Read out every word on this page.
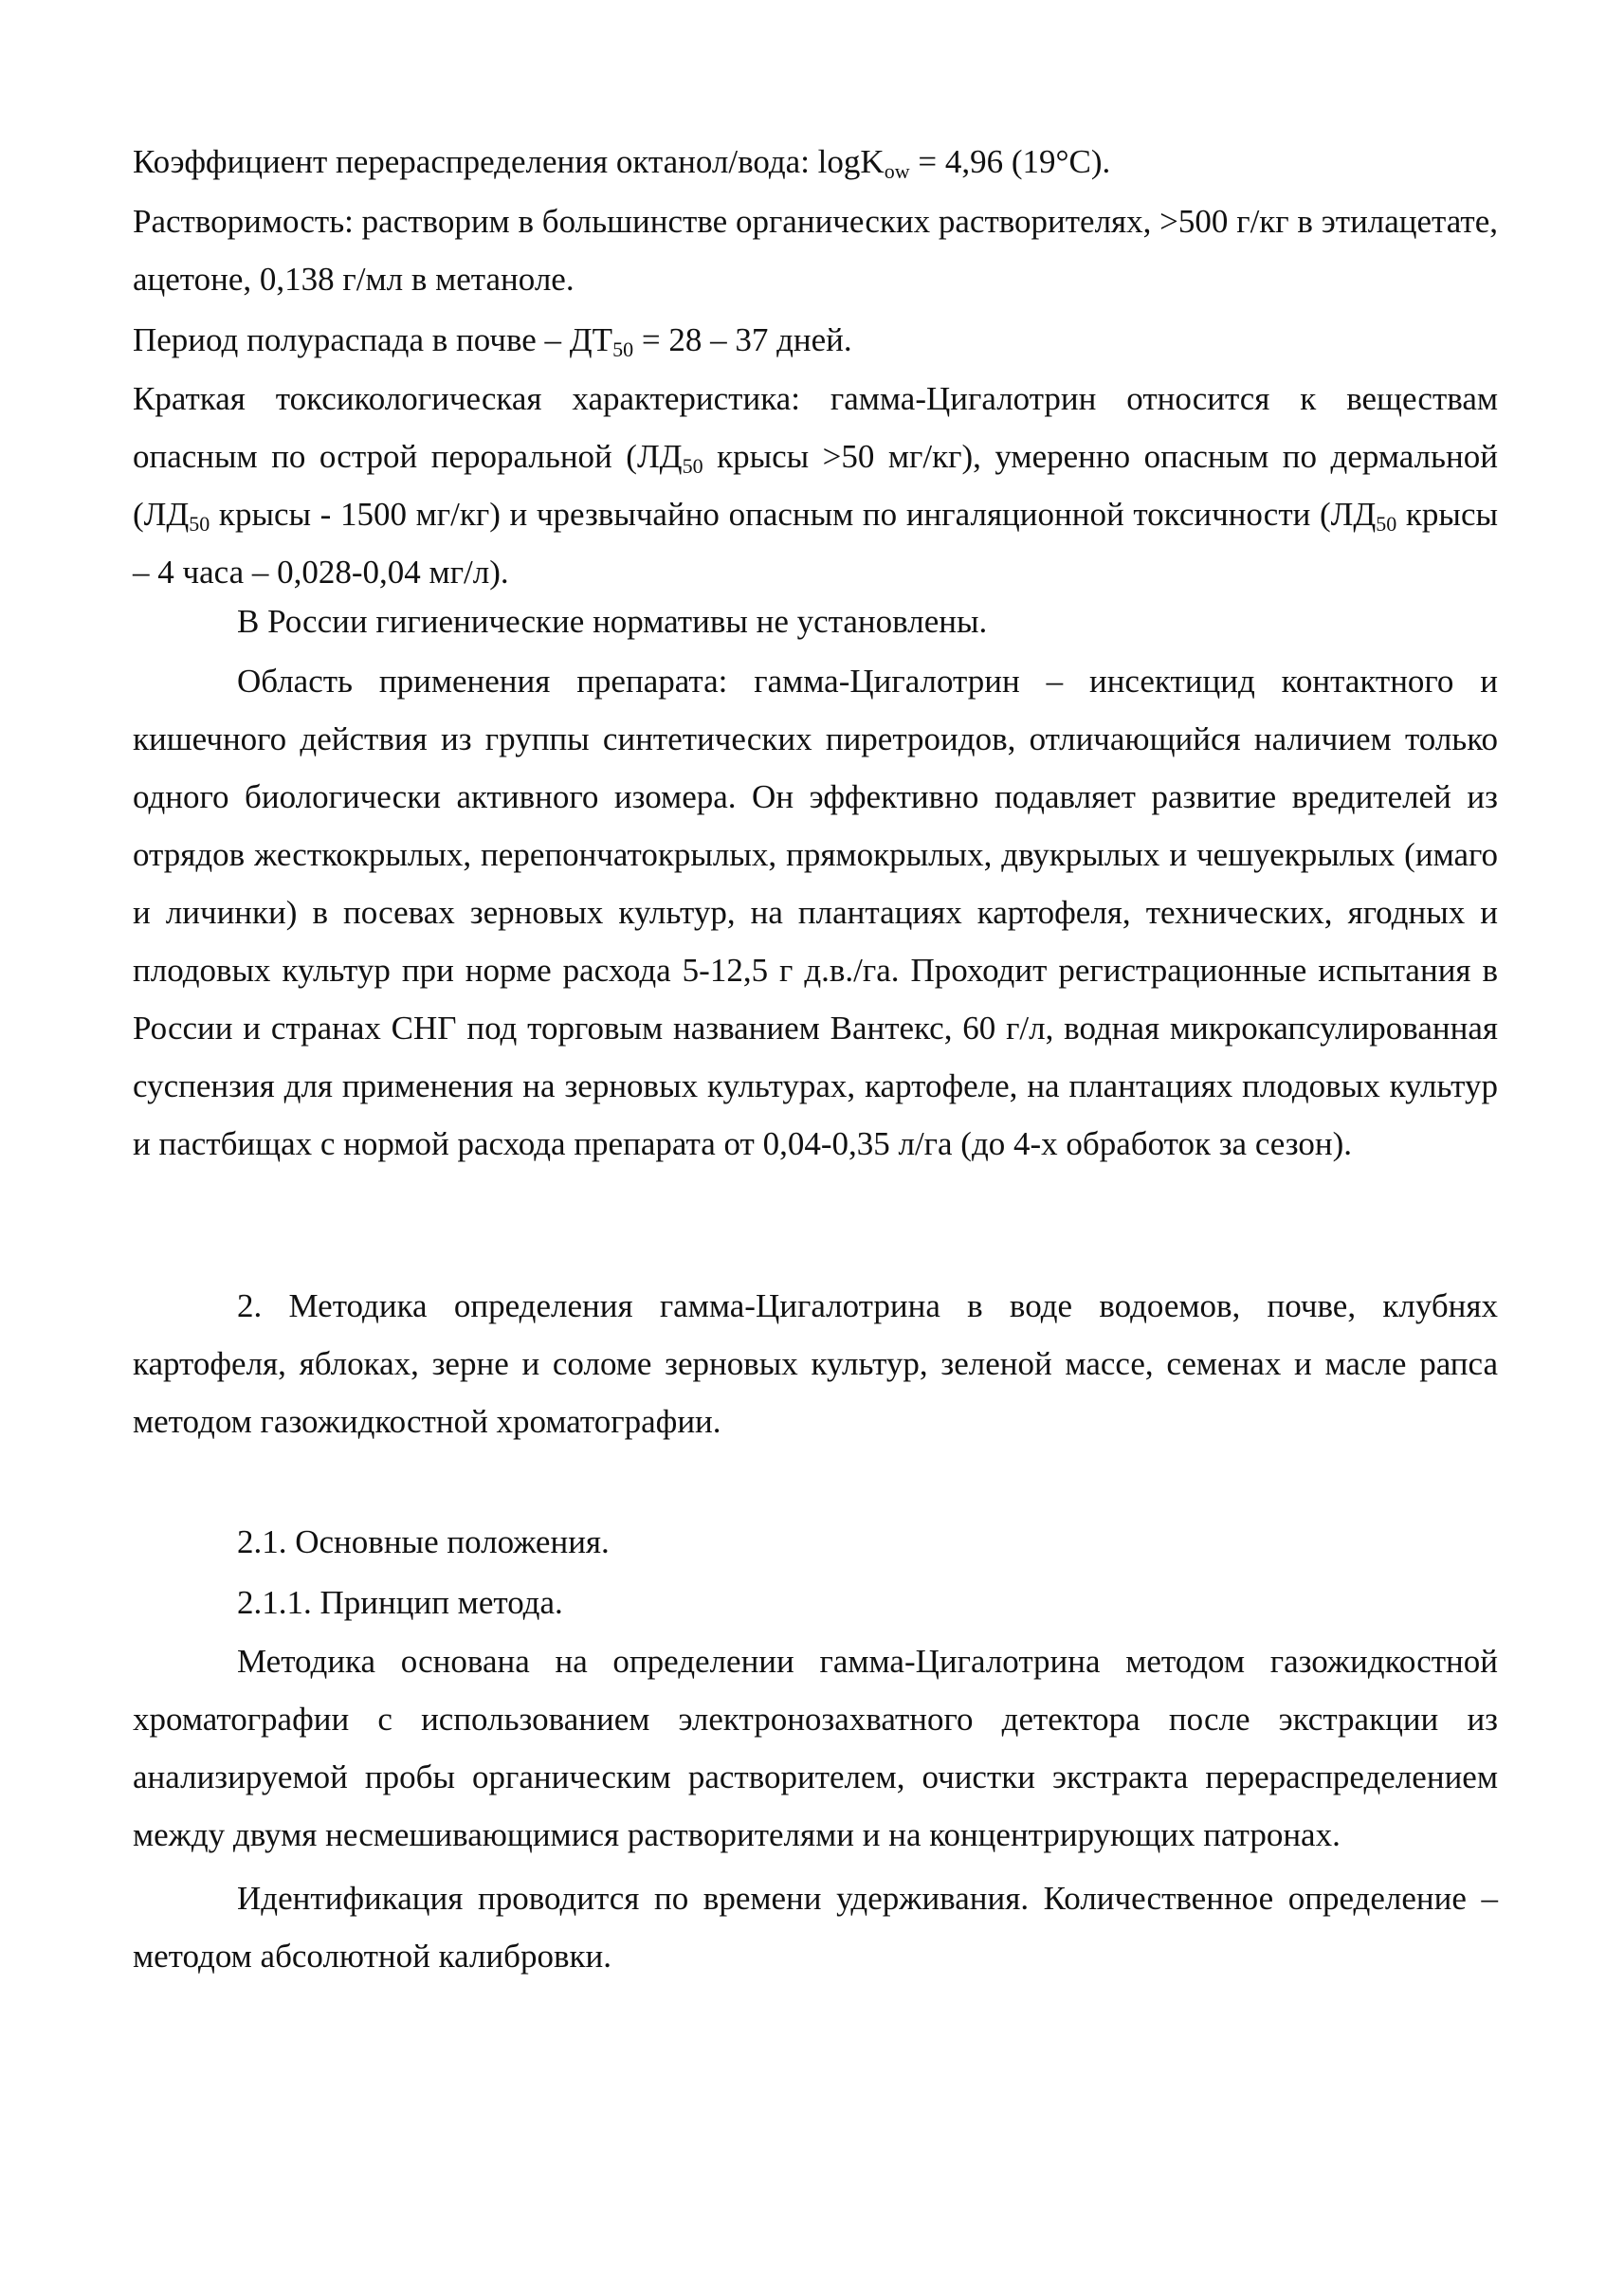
Коэффициент перераспределения октанол/вода: logK$_{ow}$ = 4,96 (19°С).

Растворимость: растворим в большинстве органических растворителях, >500 г/кг в этилацетате, ацетоне, 0,138 г/мл в метаноле.

Период полураспада в почве – $ДТ_{50} = 28 - 37$ дней.

Краткая токсикологическая характеристика: гамма-Цигалотрин относится к веществам опасным по острой пероральной ($ЛД_{50}$ крысы >50 мг/кг), умеренно опасным по дермальной ($ЛД_{50}$ крысы - 1500 мг/кг) и чрезвычайно опасным по ингаляционной токсичности ($ЛД_{50}$ крысы – 4 часа – 0,028-0,04 мг/л).

В России гигиенические нормативы не установлены.

Область применения препарата: гамма-Цигалотрин – инсектицид контактного и кишечного действия из группы синтетических пиретроидов, отличающийся наличием только одного биологически активного изомера. Он эффективно подавляет развитие вредителей из отрядов жесткокрылых, перепончатокрылых, прямокрылых, двукрылых и чешуекрылых (имаго и личинки) в посевах зерновых культур, на плантациях картофеля, технических, ягодных и плодовых культур при норме расхода 5-12,5 г д.в./га. Проходит регистрационные испытания в России и странах СНГ под торговым названием Вантекс, 60 г/л, водная микрокапсулированная суспензия для применения на зерновых культурах, картофеле, на плантациях плодовых культур и пастбищах с нормой расхода препарата от 0,04-0,35 л/га (до 4-х обработок за сезон).

2. Методика определения гамма-Цигалотрина в воде водоемов, почве, клубнях картофеля, яблоках, зерне и соломе зерновых культур, зеленой массе, семенах и масле рапса методом газожидкостной хроматографии.

2.1. Основные положения.

2.1.1. Принцип метода.

Методика основана на определении гамма-Цигалотрина методом газожидкостной хроматографии с использованием электронозахватного детектора после экстракции из анализируемой пробы органическим растворителем, очистки экстракта перераспределением между двумя несмешивающимися растворителями и на концентрирующих патронах.

Идентификация проводится по времени удерживания. Количественное определение – методом абсолютной калибровки.
